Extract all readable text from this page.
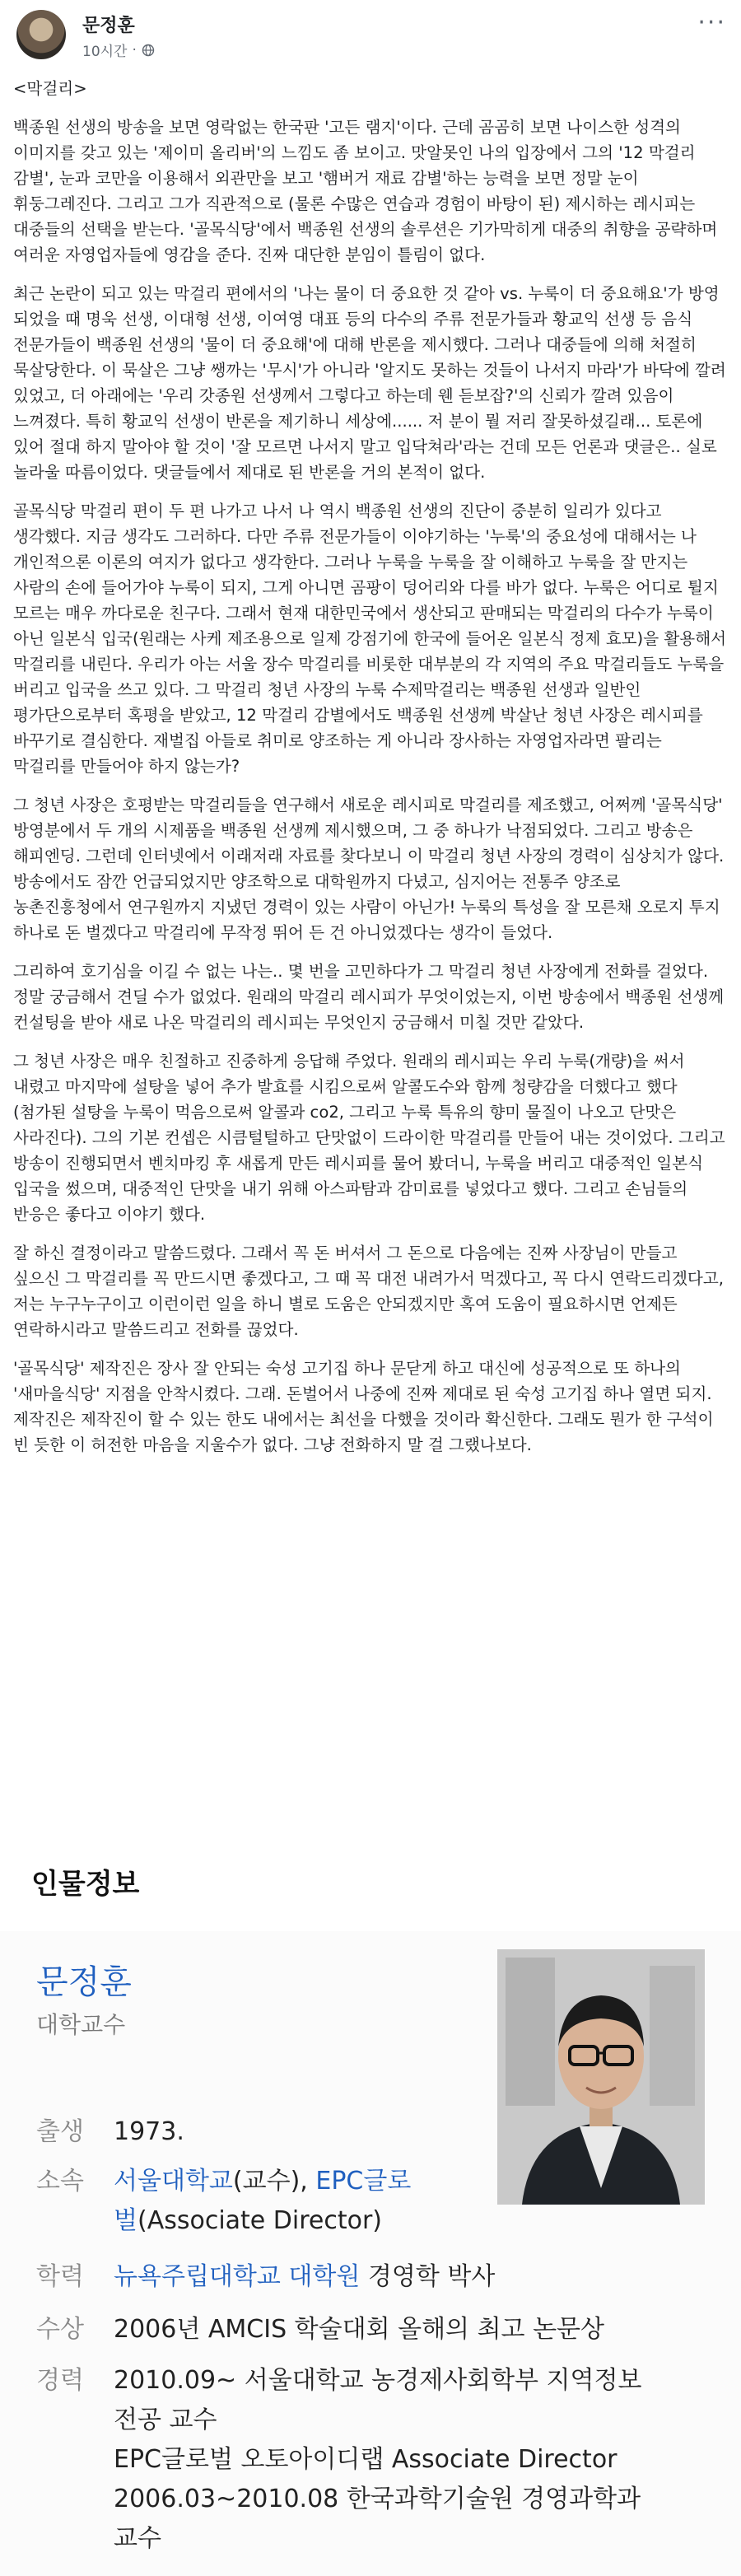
문정훈
10시간 ·
···

<막걸리>

백종원 선생의 방송을 보면 영락없는 한국판 '고든 램지'이다. 근데 곰곰히 보면 나이스한 성격의 이미지를 갖고 있는 '제이미 올리버'의 느낌도 좀 보이고. 맛알못인 나의 입장에서 그의 '12 막걸리 감별', 눈과 코만을 이용해서 외관만을 보고 '햄버거 재료 감별'하는 능력을 보면 정말 눈이 휘둥그레진다. 그리고 그가 직관적으로 (물론 수많은 연습과 경험이 바탕이 된) 제시하는 레시피는 대중들의 선택을 받는다. '골목식당'에서 백종원 선생의 솔루션은 기가막히게 대중의 취향을 공략하며 여러운 자영업자들에 영감을 준다. 진짜 대단한 분임이 틀림이 없다.

최근 논란이 되고 있는 막걸리 편에서의 '나는 물이 더 중요한 것 같아 vs. 누룩이 더 중요해요'가 방영 되었을 때 명욱 선생, 이대형 선생, 이여영 대표 등의 다수의 주류 전문가들과 황교익 선생 등 음식 전문가들이 백종원 선생의 '물이 더 중요해'에 대해 반론을 제시했다. 그러나 대중들에 의해 처절히 묵살당한다. 이 묵살은 그냥 쌩까는 '무시'가 아니라 '알지도 못하는 것들이 나서지 마라'가 바닥에 깔려 있었고, 더 아래에는 '우리 갓종원 선생께서 그렇다고 하는데 웬 듣보잡?'의 신뢰가 깔려 있음이 느껴졌다. 특히 황교익 선생이 반론을 제기하니 세상에...... 저 분이 뭘 저리 잘못하셨길래... 토론에 있어 절대 하지 말아야 할 것이 '잘 모르면 나서지 말고 입닥쳐라'라는 건데 모든 언론과 댓글은.. 실로 놀라울 따름이었다. 댓글들에서 제대로 된 반론을 거의 본적이 없다.

골목식당 막걸리 편이 두 편 나가고 나서 나 역시 백종원 선생의 진단이 중분히 일리가 있다고 생각했다. 지금 생각도 그러하다. 다만 주류 전문가들이 이야기하는 '누룩'의 중요성에 대해서는 나 개인적으론 이론의 여지가 없다고 생각한다. 그러나 누룩을 누룩을 잘 이해하고 누룩을 잘 만지는 사람의 손에 들어가야 누룩이 되지, 그게 아니면 곰팡이 덩어리와 다를 바가 없다. 누룩은 어디로 튈지 모르는 매우 까다로운 친구다. 그래서 현재 대한민국에서 생산되고 판매되는 막걸리의 다수가 누룩이 아닌 일본식 입국(원래는 사케 제조용으로 일제 강점기에 한국에 들어온 일본식 정제 효모)을 활용해서 막걸리를 내린다. 우리가 아는 서울 장수 막걸리를 비롯한 대부분의 각 지역의 주요 막걸리들도 누룩을 버리고 입국을 쓰고 있다. 그 막걸리 청년 사장의 누룩 수제막걸리는 백종원 선생과 일반인 평가단으로부터 혹평을 받았고, 12 막걸리 감별에서도 백종원 선생께 박살난 청년 사장은 레시피를 바꾸기로 결심한다. 재벌집 아들로 취미로 양조하는 게 아니라 장사하는 자영업자라면 팔리는 막걸리를 만들어야 하지 않는가?

그 청년 사장은 호평받는 막걸리들을 연구해서 새로운 레시피로 막걸리를 제조했고, 어쩌께 '골목식당' 방영분에서 두 개의 시제품을 백종원 선생께 제시했으며, 그 중 하나가 낙점되었다. 그리고 방송은 해피엔딩. 그런데 인터넷에서 이래저래 자료를 찾다보니 이 막걸리 청년 사장의 경력이 심상치가 않다. 방송에서도 잠깐 언급되었지만 양조학으로 대학원까지 다녔고, 심지어는 전통주 양조로 농촌진흥청에서 연구원까지 지냈던 경력이 있는 사람이 아닌가! 누룩의 특성을 잘 모른채 오로지 투지 하나로 돈 벌겠다고 막걸리에 무작정 뛰어 든 건 아니었겠다는 생각이 들었다.

그리하여 호기심을 이길 수 없는 나는.. 몇 번을 고민하다가 그 막걸리 청년 사장에게 전화를 걸었다. 정말 궁금해서 견딜 수가 없었다. 원래의 막걸리 레시피가 무엇이었는지, 이번 방송에서 백종원 선생께 컨설팅을 받아 새로 나온 막걸리의 레시피는 무엇인지 궁금해서 미칠 것만 같았다.

그 청년 사장은 매우 친절하고 진중하게 응답해 주었다. 원래의 레시피는 우리 누룩(개량)을 써서 내렸고 마지막에 설탕을 넣어 추가 발효를 시킴으로써 알콜도수와 함께 청량감을 더했다고 했다 (첨가된 설탕을 누룩이 먹음으로써 알콜과 co2, 그리고 누룩 특유의 향미 물질이 나오고 단맛은 사라진다). 그의 기본 컨셉은 시큼털털하고 단맛없이 드라이한 막걸리를 만들어 내는 것이었다. 그리고 방송이 진행되면서 벤치마킹 후 새롭게 만든 레시피를 물어 봤더니, 누룩을 버리고 대중적인 일본식 입국을 썼으며, 대중적인 단맛을 내기 위해 아스파탐과 감미료를 넣었다고 했다. 그리고 손님들의 반응은 좋다고 이야기 했다.

잘 하신 결정이라고 말씀드렸다. 그래서 꼭 돈 버셔서 그 돈으로 다음에는 진짜 사장님이 만들고 싶으신 그 막걸리를 꼭 만드시면 좋겠다고, 그 때 꼭 대전 내려가서 먹겠다고, 꼭 다시 연락드리겠다고, 저는 누구누구이고 이런이런 일을 하니 별로 도움은 안되겠지만 혹여 도움이 필요하시면 언제든 연락하시라고 말씀드리고 전화를 끊었다.

'골목식당' 제작진은 장사 잘 안되는 숙성 고기집 하나 문닫게 하고 대신에 성공적으로 또 하나의 '새마을식당' 지점을 안착시켰다. 그래. 돈벌어서 나중에 진짜 제대로 된 숙성 고기집 하나 열면 되지. 제작진은 제작진이 할 수 있는 한도 내에서는 최선을 다했을 것이라 확신한다. 그래도 뭔가 한 구석이 빈 듯한 이 허전한 마음을 지울수가 없다. 그냥 전화하지 말 걸 그랬나보다.

인물정보
문정훈
대학교수
출생	1973.
소속	서울대학교(교수), EPC글로
벌(Associate Director)
학력	뉴욕주립대학교 대학원 경영학 박사
수상	2006년 AMCIS 학술대회 올해의 최고 논문상
경력	2010.09~ 서울대학교 농경제사회학부 지역정보
전공 교수
EPC글로벌 오토아이디랩 Associate Director
2006.03~2010.08 한국과학기술원 경영과학과
교수
